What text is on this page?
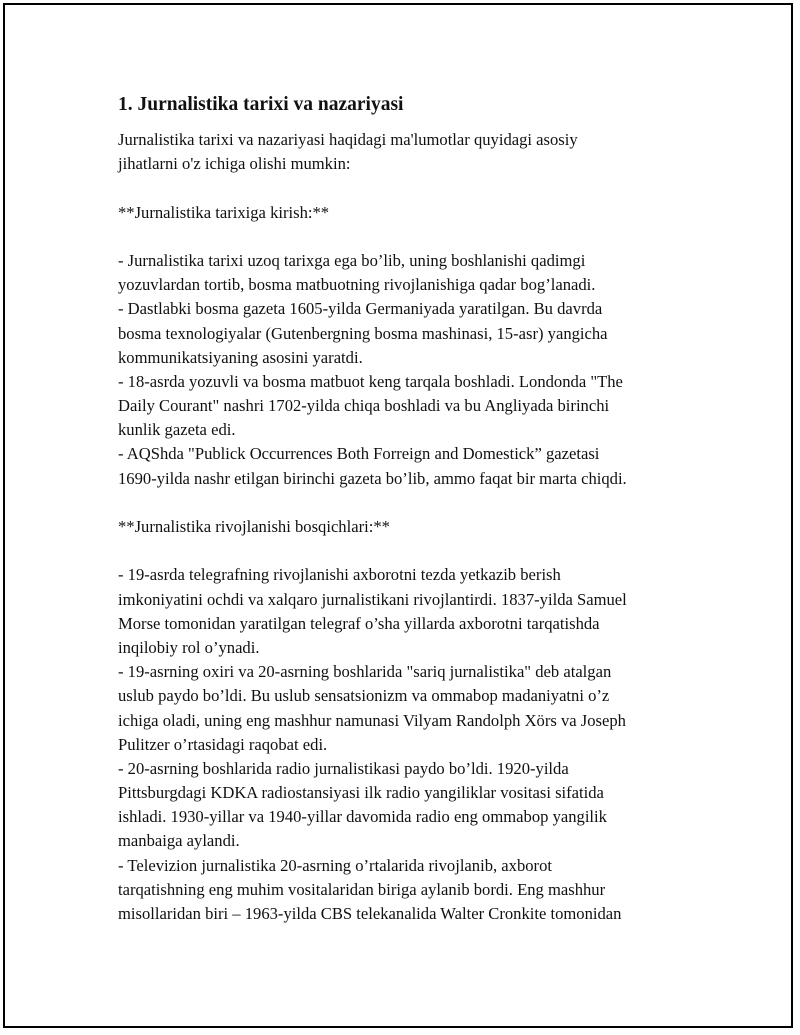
1. Jurnalistika tarixi va nazariyasi
Jurnalistika tarixi va nazariyasi haqidagi ma'lumotlar quyidagi asosiy
jihatlarni o'z ichiga olishi mumkin:
**Jurnalistika tarixiga kirish:**
- Jurnalistika tarixi uzoq tarixga ega bo’lib, uning boshlanishi qadimgi
yozuvlardan tortib, bosma matbuotning rivojlanishiga qadar bog’lanadi.
- Dastlabki bosma gazeta 1605-yilda Germaniyada yaratilgan. Bu davrda
bosma texnologiyalar (Gutenbergning bosma mashinasi, 15-asr) yangicha
kommunikatsiyaning asosini yaratdi.
- 18-asrda yozuvli va bosma matbuot keng tarqala boshladi. Londonda "The
Daily Courant" nashri 1702-yilda chiqa boshladi va bu Angliyada birinchi
kunlik gazeta edi.
- AQShda "Publick Occurrences Both Forreign and Domestick” gazetasi
1690-yilda nashr etilgan birinchi gazeta bo’lib, ammo faqat bir marta chiqdi.
**Jurnalistika rivojlanishi bosqichlari:**
- 19-asrda telegrafning rivojlanishi axborotni tezda yetkazib berish
imkoniyatini ochdi va xalqaro jurnalistikani rivojlantirdi. 1837-yilda Samuel
Morse tomonidan yaratilgan telegraf o’sha yillarda axborotni tarqatishda
inqilobiy rol o’ynadi.
- 19-asrning oxiri va 20-asrning boshlarida "sariq jurnalistika" deb atalgan
uslub paydo bo’ldi. Bu uslub sensatsionizm va ommabop madaniyatni o’z
ichiga oladi, uning eng mashhur namunasi Vilyam Randolph Xörs va Joseph
Pulitzer o’rtasidagi raqobat edi.
- 20-asrning boshlarida radio jurnalistikasi paydo bo’ldi. 1920-yilda
Pittsburgdagi KDKA radiostansiyasi ilk radio yangiliklar vositasi sifatida
ishladi. 1930-yillar va 1940-yillar davomida radio eng ommabop yangilik
manbaiga aylandi.
- Televizion jurnalistika 20-asrning o’rtalarida rivojlanib, axborot
tarqatishning eng muhim vositalaridan biriga aylanib bordi. Eng mashhur
misollaridan biri – 1963-yilda CBS telekanalida Walter Cronkite tomonidan
